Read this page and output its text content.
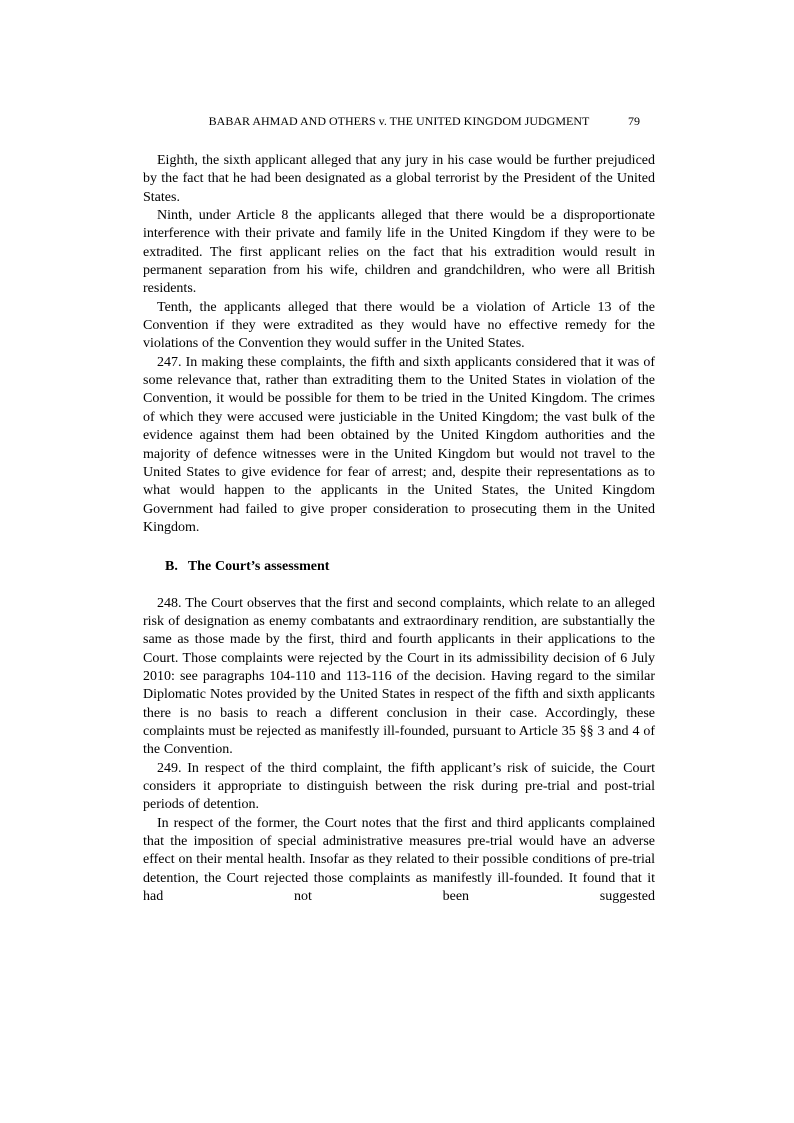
BABAR AHMAD AND OTHERS v. THE UNITED KINGDOM JUDGMENT	79

Eighth, the sixth applicant alleged that any jury in his case would be further prejudiced by the fact that he had been designated as a global terrorist by the President of the United States.

Ninth, under Article 8 the applicants alleged that there would be a disproportionate interference with their private and family life in the United Kingdom if they were to be extradited. The first applicant relies on the fact that his extradition would result in permanent separation from his wife, children and grandchildren, who were all British residents.

Tenth, the applicants alleged that there would be a violation of Article 13 of the Convention if they were extradited as they would have no effective remedy for the violations of the Convention they would suffer in the United States.

247. In making these complaints, the fifth and sixth applicants considered that it was of some relevance that, rather than extraditing them to the United States in violation of the Convention, it would be possible for them to be tried in the United Kingdom. The crimes of which they were accused were justiciable in the United Kingdom; the vast bulk of the evidence against them had been obtained by the United Kingdom authorities and the majority of defence witnesses were in the United Kingdom but would not travel to the United States to give evidence for fear of arrest; and, despite their representations as to what would happen to the applicants in the United States, the United Kingdom Government had failed to give proper consideration to prosecuting them in the United Kingdom.

B. The Court’s assessment

248. The Court observes that the first and second complaints, which relate to an alleged risk of designation as enemy combatants and extraordinary rendition, are substantially the same as those made by the first, third and fourth applicants in their applications to the Court. Those complaints were rejected by the Court in its admissibility decision of 6 July 2010: see paragraphs 104-110 and 113-116 of the decision. Having regard to the similar Diplomatic Notes provided by the United States in respect of the fifth and sixth applicants there is no basis to reach a different conclusion in their case. Accordingly, these complaints must be rejected as manifestly ill-founded, pursuant to Article 35 §§ 3 and 4 of the Convention.

249. In respect of the third complaint, the fifth applicant’s risk of suicide, the Court considers it appropriate to distinguish between the risk during pre-trial and post-trial periods of detention.

In respect of the former, the Court notes that the first and third applicants complained that the imposition of special administrative measures pre-trial would have an adverse effect on their mental health. Insofar as they related to their possible conditions of pre-trial detention, the Court rejected those complaints as manifestly ill-founded. It found that it had not been suggested
